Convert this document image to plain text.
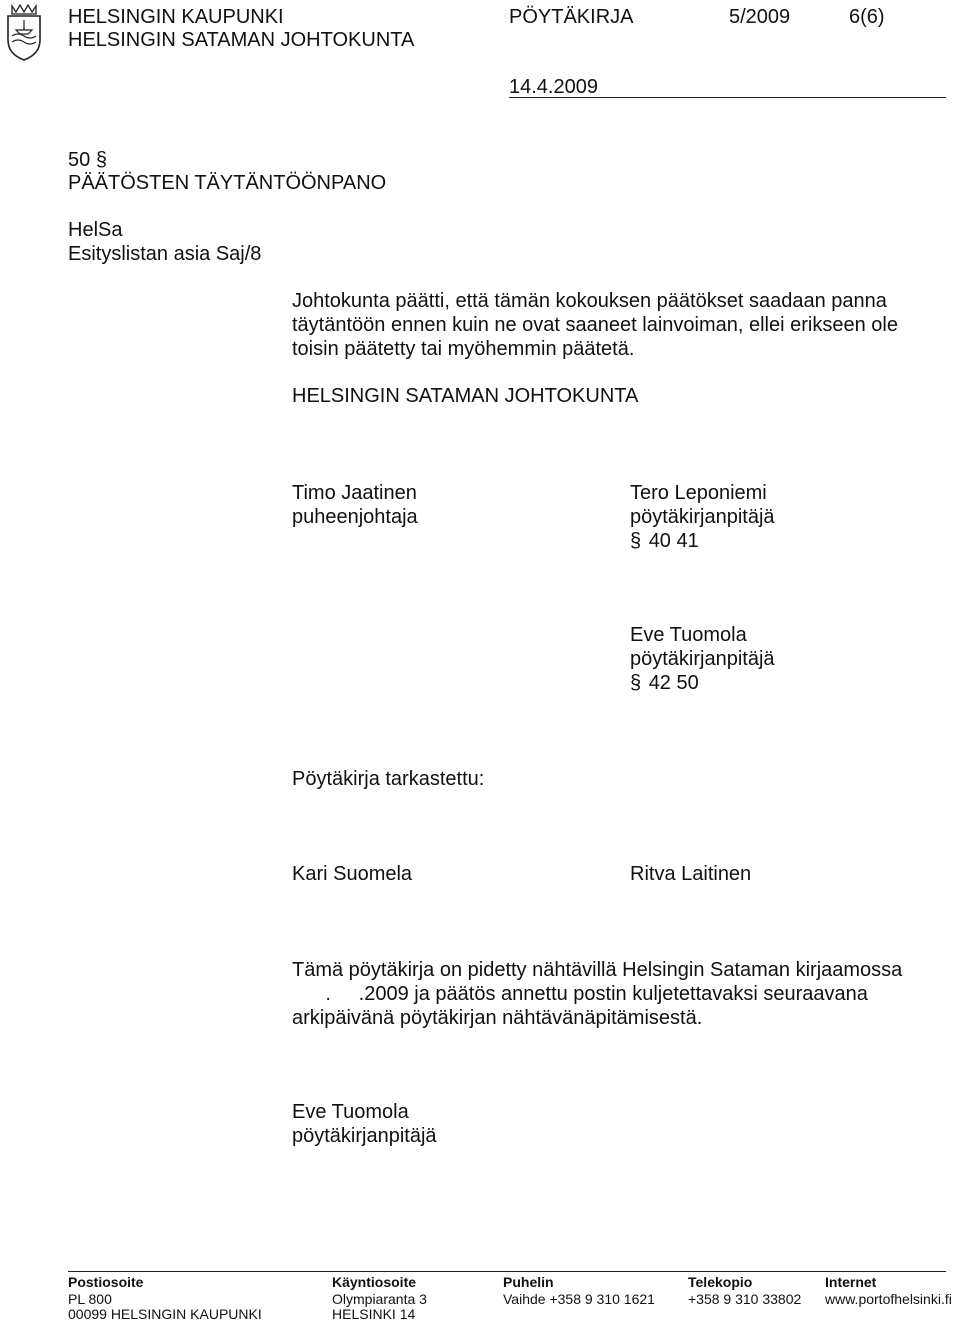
HELSINGIN KAUPUNKI
HELSINGIN SATAMAN JOHTOKUNTA
PÖYTÄKIRJA	5/2009	6(6)
14.4.2009
50 §
PÄÄTÖSTEN TÄYTÄNTÖÖNPANO
HelSa
Esityslistan asia Saj/8
Johtokunta päätti, että tämän kokouksen päätökset saadaan panna
täytäntöön ennen kuin ne ovat saaneet lainvoiman, ellei erikseen ole
toisin päätetty tai myöhemmin päätetä.
HELSINGIN SATAMAN JOHTOKUNTA
Timo Jaatinen
puheenjohtaja
Tero Leponiemi
pöytäkirjanpitäjä
§ 40 41
Eve Tuomola
pöytäkirjanpitäjä
§ 42 50
Pöytäkirja tarkastettu:
Kari Suomela	Ritva Laitinen
Tämä pöytäkirja on pidetty nähtävillä Helsingin Sataman kirjaamossa
.     .2009 ja päätös annettu postin kuljetettavaksi seuraavana
arkipäivänä pöytäkirjan nähtävänäpitämisestä.
Eve Tuomola
pöytäkirjanpitäjä
Postiosoite
PL 800
00099 HELSINGIN KAUPUNKI
Käyntiosoite
Olympiaranta 3
HELSINKI 14
Puhelin
Vaihde +358 9 310 1621
Telekopio
+358 9 310 33802
Internet
www.portofhelsinki.fi
